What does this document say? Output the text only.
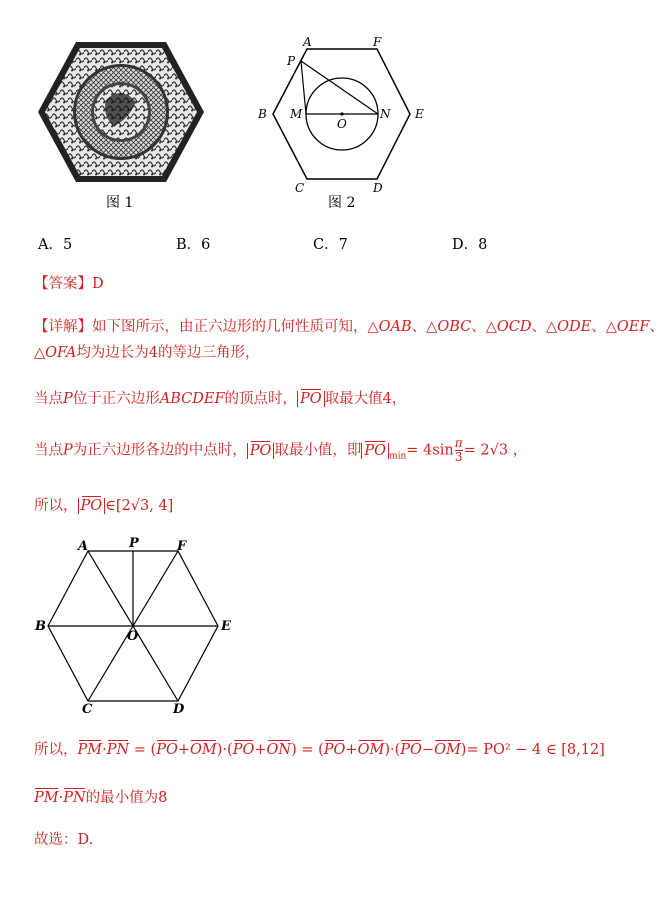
图 1
A	F
P
B M
O
N E
C	D
图 2
A．5	B．6	C．7	D．8
【答案】D
【详解】如下图所示，由正六边形的几何性质可知，△OAB、△OBC、△OCD、△ODE、△OEF、
△OFA均为边长为4的等边三角形，
当点P位于正六边形ABCDEF的顶点时， PO 取最大值4，
当点P为正六边形各边的中点时， PO 取最小值，即 PO $_{min}= 4\sin \frac{\pi}{3} = 2√3$ ，
所以， PO ∈[2√3, 4]
A	P	F
B
O
E
C	D
所以，PM·PN = (PO+OM)·(PO+ON) = (PO+OM)·(PO−OM)= PO² − 4 ∈ [8,12]
PM·PN的最小值为8
故选：D.
